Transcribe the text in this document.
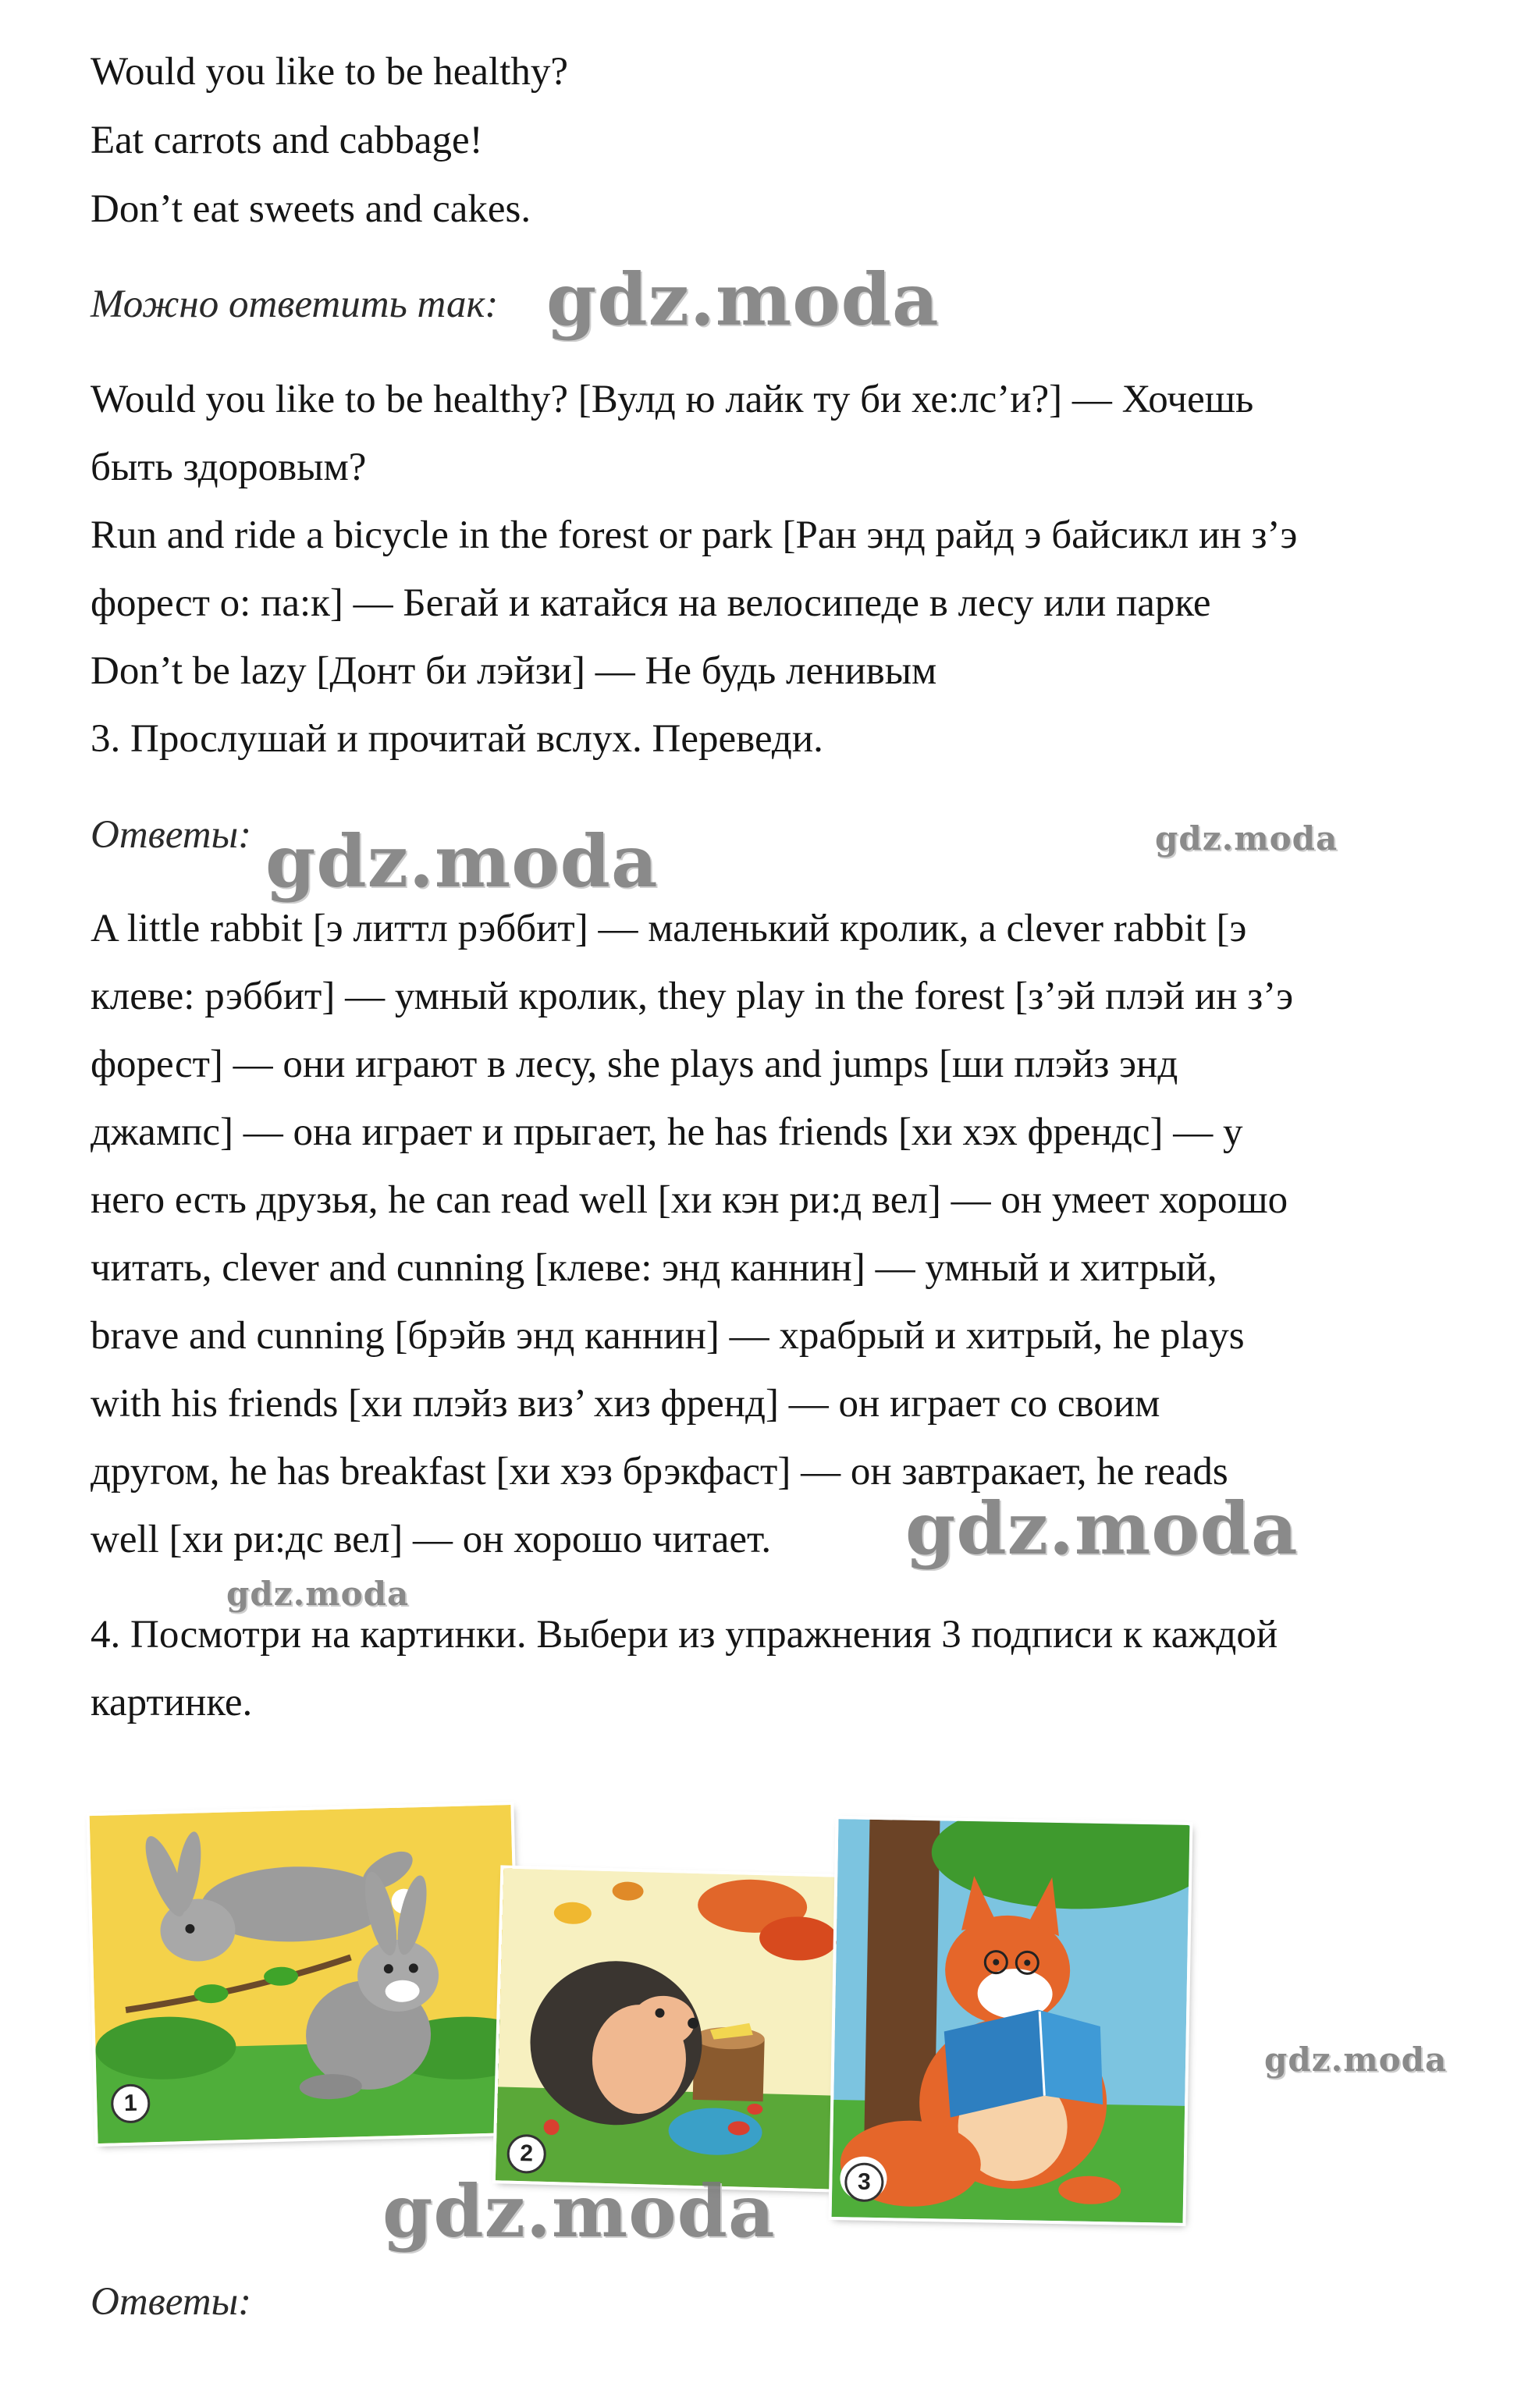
Would you like to be healthy?
Eat carrots and cabbage!
Don’t eat sweets and cakes.
Можно ответить так: gdz.moda
Would you like to be healthy? [Вулд ю лайк ту би хе:лс’и?] — Хочешь
быть здоровым?
Run and ride a bicycle in the forest or park [Ран энд райд э байсикл ин з’э
форест о: па:к] — Бегай и катайся на велосипеде в лесу или парке
Don’t be lazy [Донт би лэйзи] — Не будь ленивым
3. Прослушай и прочитай вслух. Переведи.
Ответы: gdz.moda	gdz.moda
A little rabbit [э литтл рэббит] — маленький кролик, a clever rabbit [э
клеве: рэббит] — умный кролик, they play in the forest [з’эй плэй ин з’э
форест] — они играют в лесу, she plays and jumps [ши плэйз энд
джампс] — она играет и прыгает, he has friends [хи хэх френдс] — у
него есть друзья, he can read well [хи кэн ри:д вел] — он умеет хорошо
читать, clever and cunning [клеве: энд каннин] — умный и хитрый,
brave and cunning [брэйв энд каннин] — храбрый и хитрый, he plays
with his friends [хи плэйз виз’ хиз френд] — он играет со своим
другом, he has breakfast [хи хэз брэкфаст] — он завтракает, he reads
well [хи ри:дс вел] — он хорошо читает. gdz.moda
gdz.moda
4. Посмотри на картинки. Выбери из упражнения 3 подписи к каждой
картинке.
1
2
3
gdz.moda
gdz.moda
Ответы:
